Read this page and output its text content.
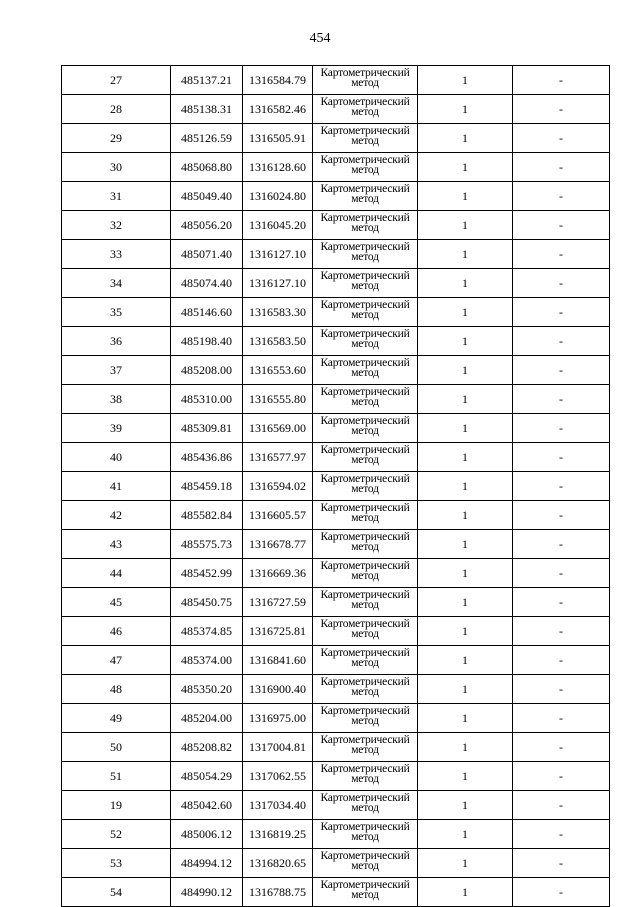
454
27	485137.21	1316584.79	Картометрический метод	1	-
28	485138.31	1316582.46	Картометрический метод	1	-
29	485126.59	1316505.91	Картометрический метод	1	-
30	485068.80	1316128.60	Картометрический метод	1	-
31	485049.40	1316024.80	Картометрический метод	1	-
32	485056.20	1316045.20	Картометрический метод	1	-
33	485071.40	1316127.10	Картометрический метод	1	-
34	485074.40	1316127.10	Картометрический метод	1	-
35	485146.60	1316583.30	Картометрический метод	1	-
36	485198.40	1316583.50	Картометрический метод	1	-
37	485208.00	1316553.60	Картометрический метод	1	-
38	485310.00	1316555.80	Картометрический метод	1	-
39	485309.81	1316569.00	Картометрический метод	1	-
40	485436.86	1316577.97	Картометрический метод	1	-
41	485459.18	1316594.02	Картометрический метод	1	-
42	485582.84	1316605.57	Картометрический метод	1	-
43	485575.73	1316678.77	Картометрический метод	1	-
44	485452.99	1316669.36	Картометрический метод	1	-
45	485450.75	1316727.59	Картометрический метод	1	-
46	485374.85	1316725.81	Картометрический метод	1	-
47	485374.00	1316841.60	Картометрический метод	1	-
48	485350.20	1316900.40	Картометрический метод	1	-
49	485204.00	1316975.00	Картометрический метод	1	-
50	485208.82	1317004.81	Картометрический метод	1	-
51	485054.29	1317062.55	Картометрический метод	1	-
19	485042.60	1317034.40	Картометрический метод	1	-
52	485006.12	1316819.25	Картометрический метод	1	-
53	484994.12	1316820.65	Картометрический метод	1	-
54	484990.12	1316788.75	Картометрический метод	1	-
